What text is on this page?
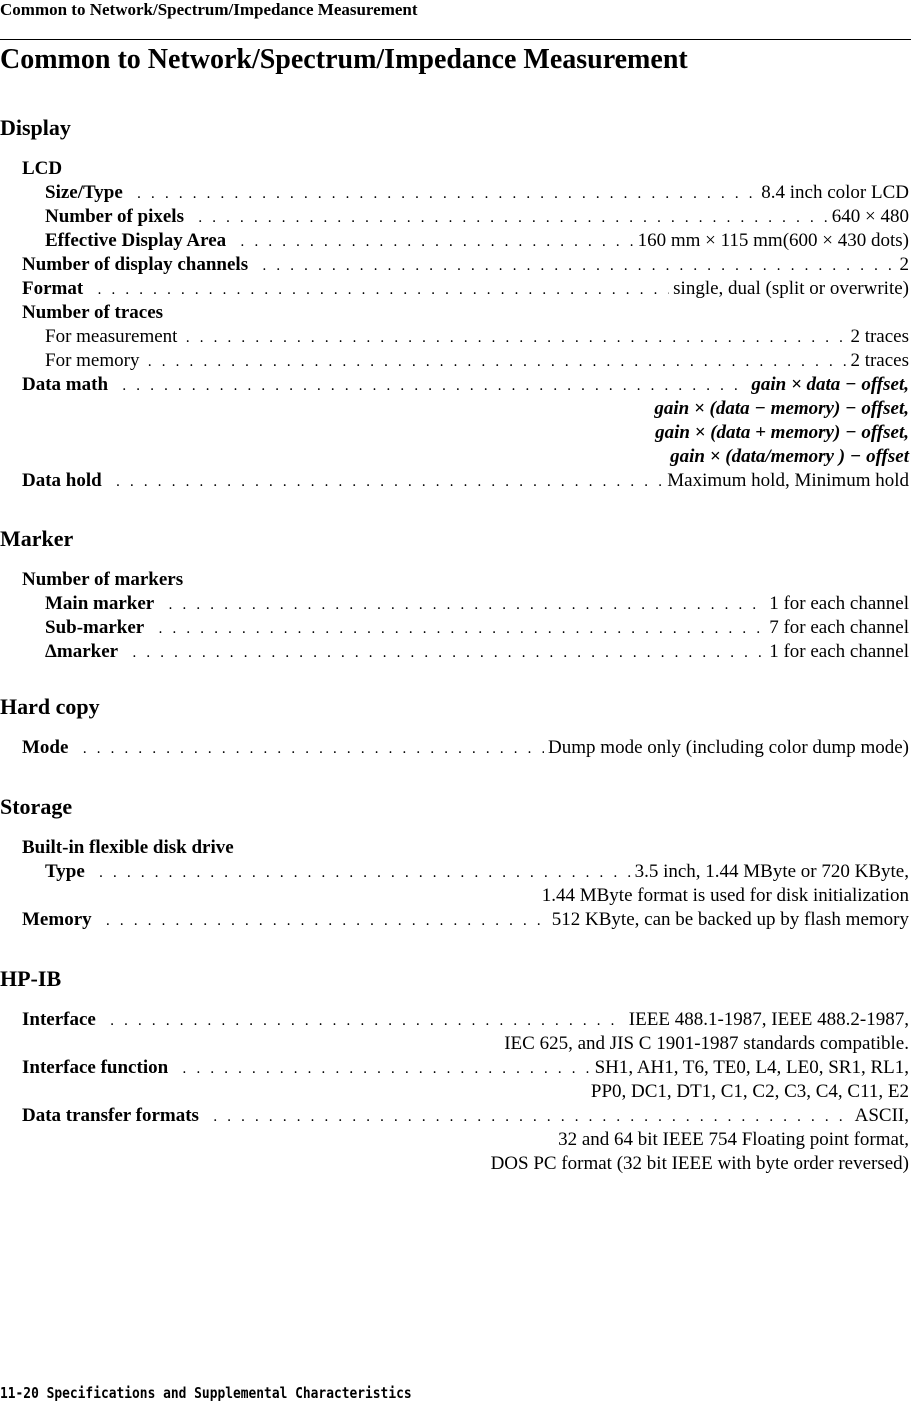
Common to Network/Spectrum/Impedance Measurement
Common to Network/Spectrum/Impedance Measurement
Display
LCD
Size/Type . . .	8.4 inch color LCD
Number of pixels . . .	640 × 480
Effective Display Area . . .	160 mm × 115 mm(600 × 430 dots)
Number of display channels . . .	2
Format . . .	single, dual (split or overwrite)
Number of traces
For measurement . . .	2 traces
For memory . . .	2 traces
Data math . . .	gain × data − offset,
gain × (data − memory) − offset,
gain × (data + memory) − offset,
gain × (data/memory ) − offset
Data hold . . .	Maximum hold, Minimum hold
Marker
Number of markers
Main marker . . .	1 for each channel
Sub-marker . . .	7 for each channel
Δmarker . . .	1 for each channel
Hard copy
Mode . . .	Dump mode only (including color dump mode)
Storage
Built-in flexible disk drive
Type . . .	3.5 inch, 1.44 MByte or 720 KByte,
1.44 MByte format is used for disk initialization
Memory . . .	512 KByte, can be backed up by flash memory
HP-IB
Interface . . .	IEEE 488.1-1987, IEEE 488.2-1987,
IEC 625, and JIS C 1901-1987 standards compatible.
Interface function . . .	SH1, AH1, T6, TE0, L4, LE0, SR1, RL1,
PP0, DC1, DT1, C1, C2, C3, C4, C11, E2
Data transfer formats . . .	ASCII,
32 and 64 bit IEEE 754 Floating point format,
DOS PC format (32 bit IEEE with byte order reversed)
11-20 Specifications and Supplemental Characteristics
